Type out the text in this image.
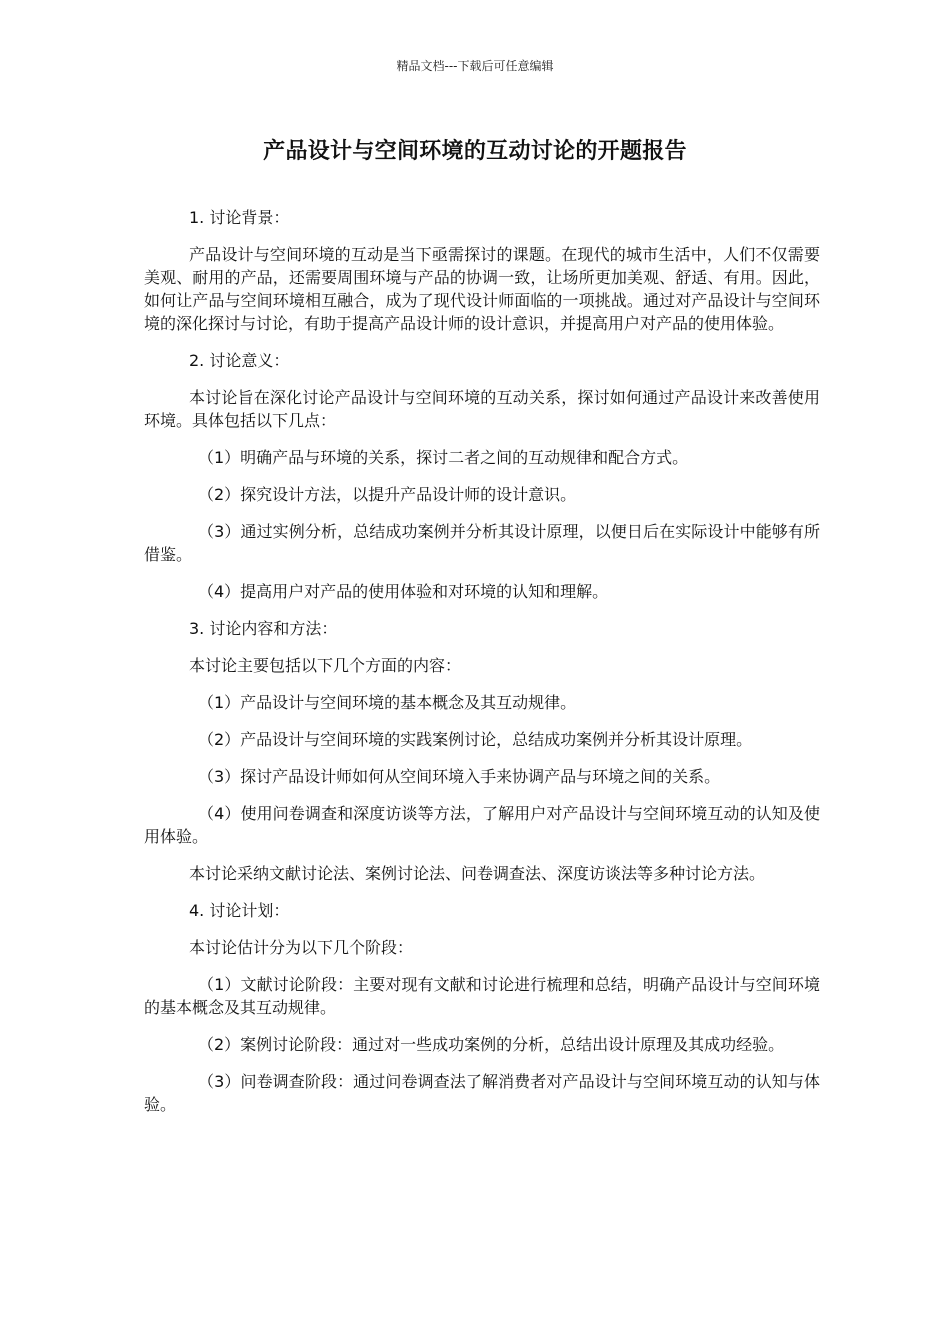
精品文档---下载后可任意编辑
产品设计与空间环境的互动讨论的开题报告

1. 讨论背景：

产品设计与空间环境的互动是当下亟需探讨的课题。在现代的城市生活中，人们不仅需要美观、耐用的产品，还需要周围环境与产品的协调一致，让场所更加美观、舒适、有用。因此，如何让产品与空间环境相互融合，成为了现代设计师面临的一项挑战。通过对产品设计与空间环境的深化探讨与讨论，有助于提高产品设计师的设计意识，并提高用户对产品的使用体验。

2. 讨论意义：

本讨论旨在深化讨论产品设计与空间环境的互动关系，探讨如何通过产品设计来改善使用环境。具体包括以下几点：

（1）明确产品与环境的关系，探讨二者之间的互动规律和配合方式。

（2）探究设计方法，以提升产品设计师的设计意识。

（3）通过实例分析，总结成功案例并分析其设计原理，以便日后在实际设计中能够有所借鉴。

（4）提高用户对产品的使用体验和对环境的认知和理解。

3. 讨论内容和方法：

本讨论主要包括以下几个方面的内容：

（1）产品设计与空间环境的基本概念及其互动规律。

（2）产品设计与空间环境的实践案例讨论，总结成功案例并分析其设计原理。

（3）探讨产品设计师如何从空间环境入手来协调产品与环境之间的关系。

（4）使用问卷调查和深度访谈等方法，了解用户对产品设计与空间环境互动的认知及使用体验。

本讨论采纳文献讨论法、案例讨论法、问卷调查法、深度访谈法等多种讨论方法。

4. 讨论计划：

本讨论估计分为以下几个阶段：

（1）文献讨论阶段：主要对现有文献和讨论进行梳理和总结，明确产品设计与空间环境的基本概念及其互动规律。

（2）案例讨论阶段：通过对一些成功案例的分析，总结出设计原理及其成功经验。

（3）问卷调查阶段：通过问卷调查法了解消费者对产品设计与空间环境互动的认知与体验。
